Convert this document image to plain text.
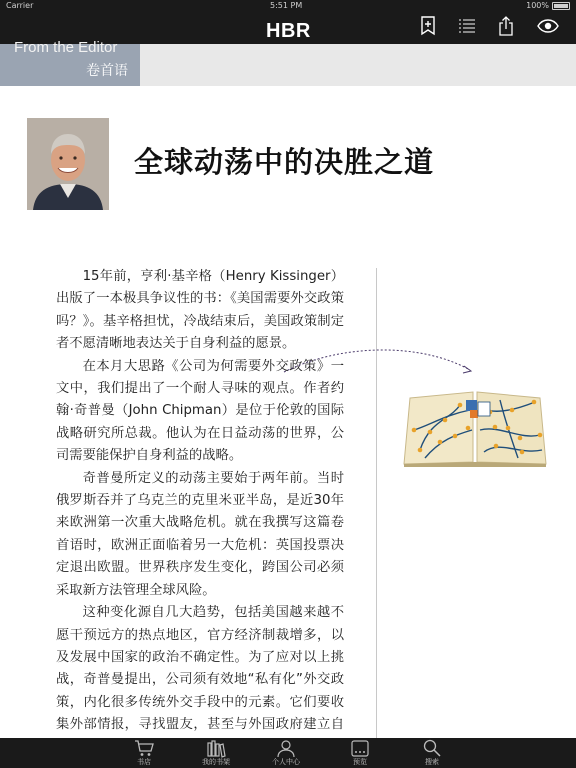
Carrier	5:51 PM	100%
HBR
From the Editor
卷首语
全球动荡中的决胜之道

15年前，亨利·基辛格（Henry Kissinger）出版了一本极具争议性的书：《美国需要外交政策吗？》。基辛格担忧，冷战结束后，美国政策制定者不愿清晰地表达关于自身利益的愿景。

在本月大思路《公司为何需要外交政策》一文中，我们提出了一个耐人寻味的观点。作者约翰·奇普曼（John Chipman）是位于伦敦的国际战略研究所总裁。他认为在日益动荡的世界，公司需要能保护自身利益的战略。

奇普曼所定义的动荡主要始于两年前。当时俄罗斯吞并了乌克兰的克里米亚半岛，是近30年来欧洲第一次重大战略危机。就在我撰写这篇卷首语时，欧洲正面临着另一大危机：英国投票决定退出欧盟。世界秩序发生变化，跨国公司必须采取新方法管理全球风险。

这种变化源自几大趋势，包括美国越来越不愿干预远方的热点地区，官方经济制裁增多，以及发展中国家的政治不确定性。为了应对以上挑战，奇普曼提出，公司须有效地“私有化”外交政策，内化很多传统外交手段中的元素。它们要收集外部情报，寻找盟友，甚至与外国政府建立自

书店	我的书架	个人中心	预览	搜索
